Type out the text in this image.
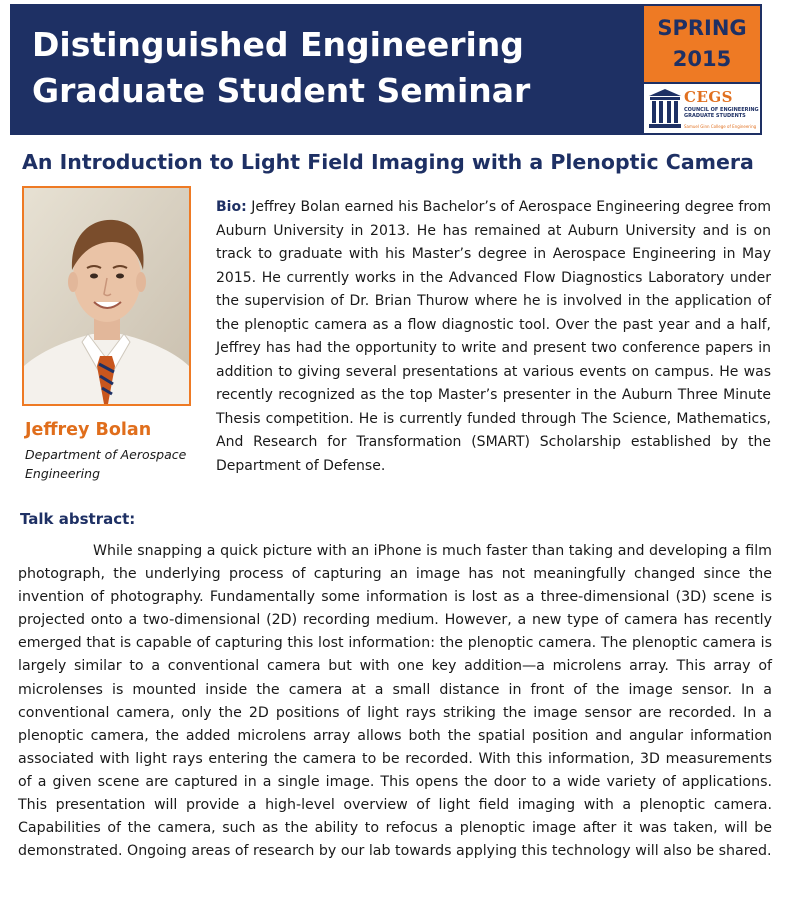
Distinguished Engineering
Graduate Student Seminar
SPRING
2015
CEGS
COUNCIL OF ENGINEERING GRADUATE STUDENTS
Samuel Ginn College of Engineering
An Introduction to Light Field Imaging with a Plenoptic Camera
Jeffrey Bolan

Department of Aerospace Engineering

Bio: Jeffrey Bolan earned his Bachelor’s of Aerospace Engineering degree from Auburn University in 2013. He has remained at Auburn University and is on track to graduate with his Master’s degree in Aerospace Engineering in May 2015. He currently works in the Advanced Flow Diagnostics Laboratory under the supervision of Dr. Brian Thurow where he is involved in the application of the plenoptic camera as a flow diagnostic tool. Over the past year and a half, Jeffrey has had the opportunity to write and present two conference papers in addition to giving several presentations at various events on campus. He was recently recognized as the top Master’s presenter in the Auburn Three Minute Thesis competition. He is currently funded through The Science, Mathematics, And Research for Transformation (SMART) Scholarship established by the Department of Defense.

Talk abstract:

While snapping a quick picture with an iPhone is much faster than taking and developing a film photograph, the underlying process of capturing an image has not meaningfully changed since the invention of photography. Fundamentally some information is lost as a three-dimensional (3D) scene is projected onto a two-dimensional (2D) recording medium. However, a new type of camera has recently emerged that is capable of capturing this lost information: the plenoptic camera. The plenoptic camera is largely similar to a conventional camera but with one key addition—a microlens array. This array of microlenses is mounted inside the camera at a small distance in front of the image sensor. In a conventional camera, only the 2D positions of light rays striking the image sensor are recorded. In a plenoptic camera, the added microlens array allows both the spatial position and angular information associated with light rays entering the camera to be recorded. With this information, 3D measurements of a given scene are captured in a single image. This opens the door to a wide variety of applications. This presentation will provide a high-level overview of light field imaging with a plenoptic camera. Capabilities of the camera, such as the ability to refocus a plenoptic image after it was taken, will be demonstrated. Ongoing areas of research by our lab towards applying this technology will also be shared.
